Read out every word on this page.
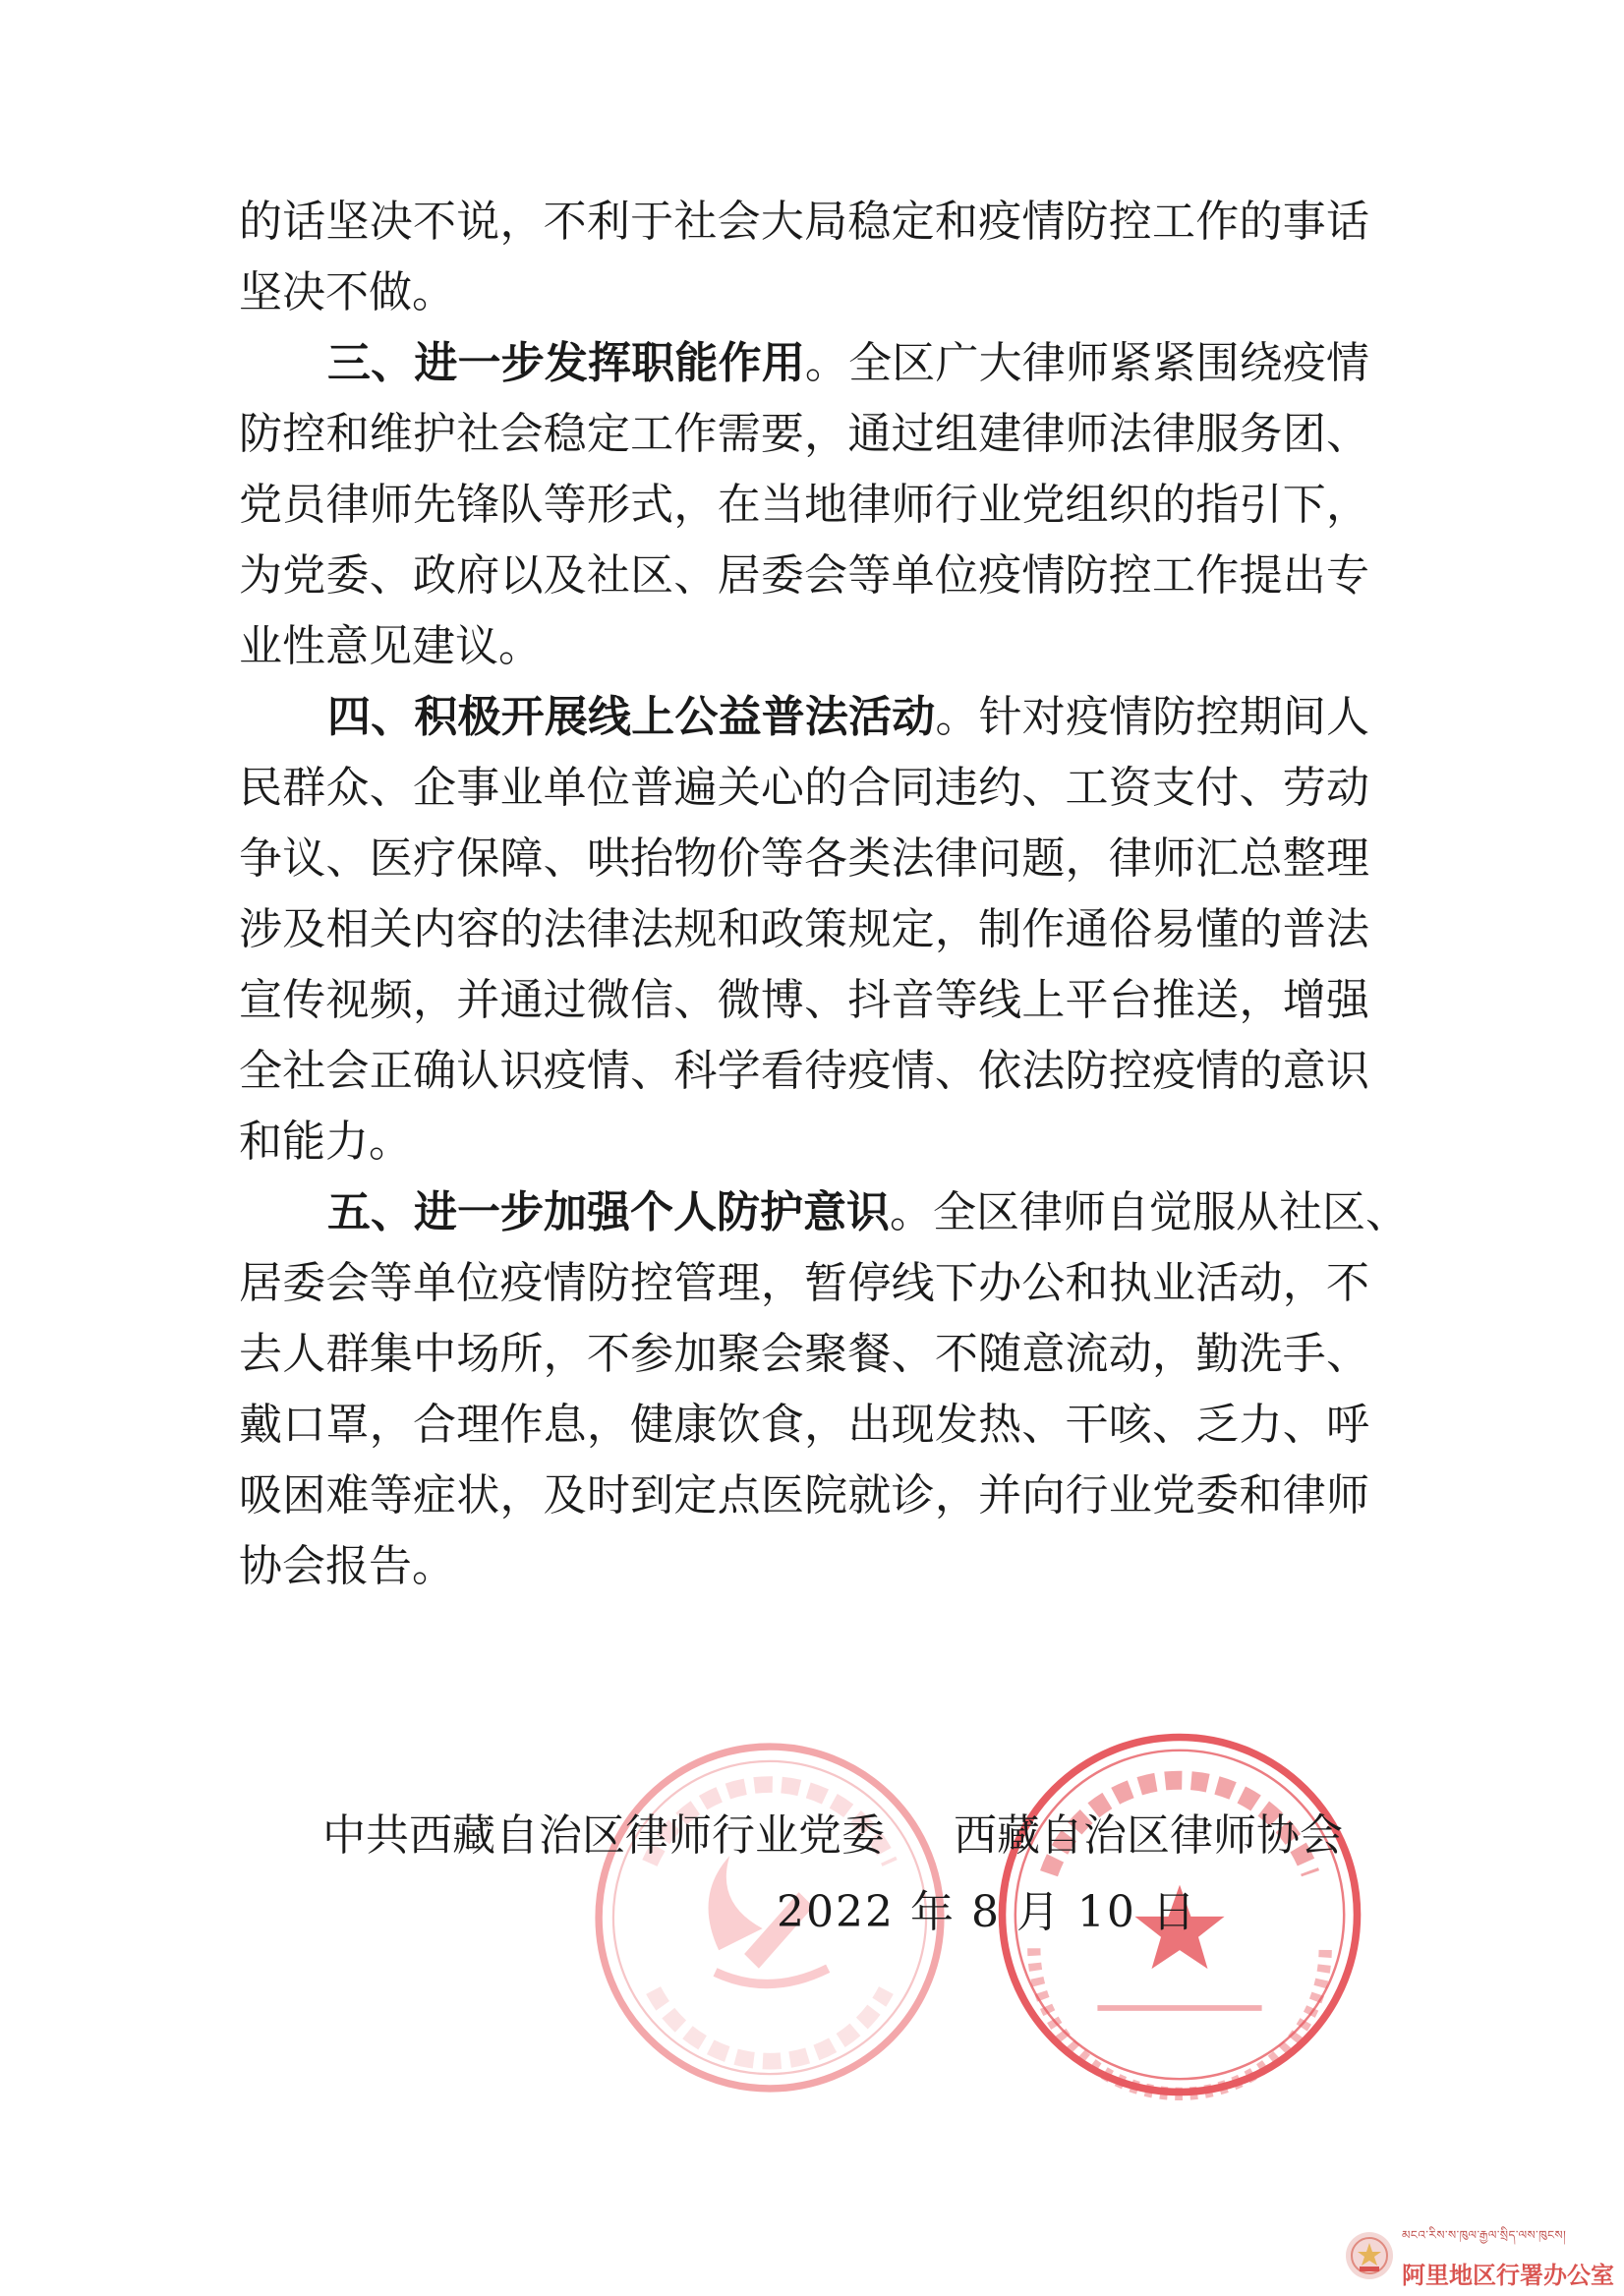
的话坚决不说，不利于社会大局稳定和疫情防控工作的事话
坚决不做。
三、进一步发挥职能作用。全区广大律师紧紧围绕疫情
防控和维护社会稳定工作需要，通过组建律师法律服务团、
党员律师先锋队等形式，在当地律师行业党组织的指引下，
为党委、政府以及社区、居委会等单位疫情防控工作提出专
业性意见建议。
四、积极开展线上公益普法活动。针对疫情防控期间人
民群众、企事业单位普遍关心的合同违约、工资支付、劳动
争议、医疗保障、哄抬物价等各类法律问题，律师汇总整理
涉及相关内容的法律法规和政策规定，制作通俗易懂的普法
宣传视频，并通过微信、微博、抖音等线上平台推送，增强
全社会正确认识疫情、科学看待疫情、依法防控疫情的意识
和能力。
五、进一步加强个人防护意识。全区律师自觉服从社区、
居委会等单位疫情防控管理，暂停线下办公和执业活动，不
去人群集中场所，不参加聚会聚餐、不随意流动，勤洗手、
戴口罩，合理作息，健康饮食，出现发热、干咳、乏力、呼
吸困难等症状，及时到定点医院就诊，并向行业党委和律师
协会报告。
中共西藏自治区律师行业党委 西藏自治区律师协会
2022 年 8 月 10 日
མངའ་རིས་ས་ཁུལ་རྒྱལ་སྲིད་ལས་ཁུངས།
阿里地区行署办公室
